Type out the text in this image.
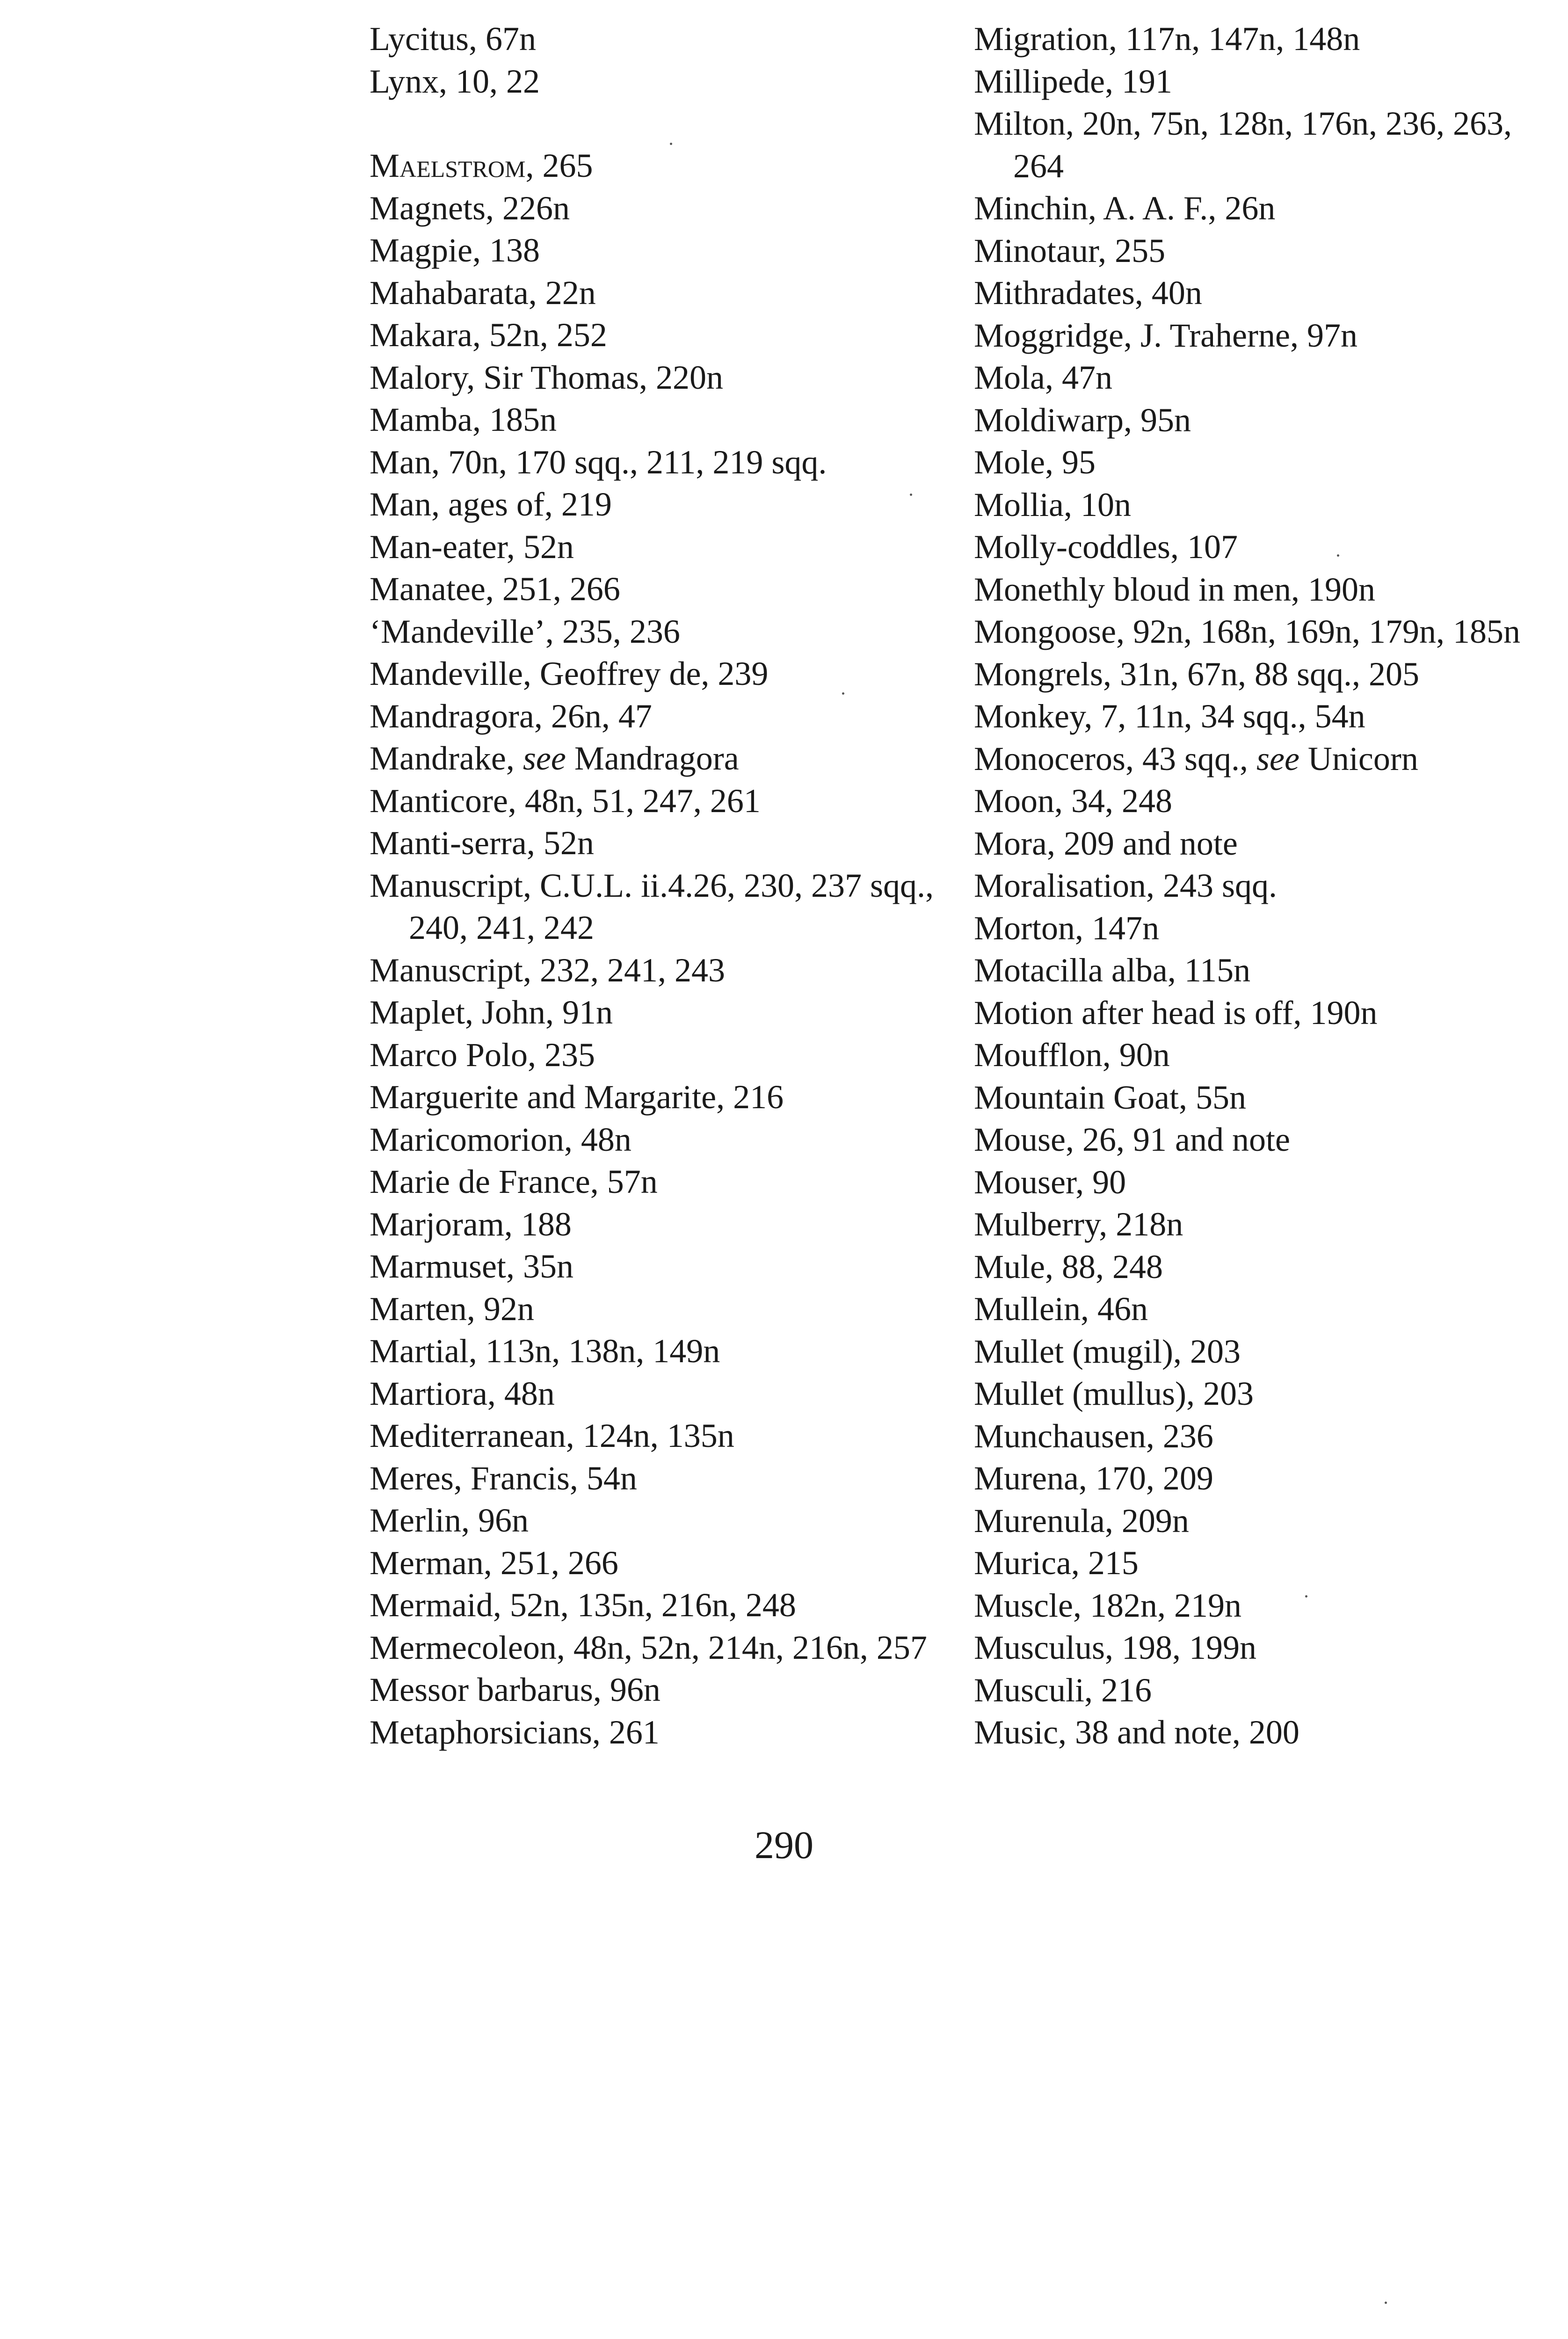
Lycitus, 67n
Lynx, 10, 22
Maelstrom, 265
Magnets, 226n
Magpie, 138
Mahabarata, 22n
Makara, 52n, 252
Malory, Sir Thomas, 220n
Mamba, 185n
Man, 70n, 170 sqq., 211, 219 sqq.
Man, ages of, 219
Man-eater, 52n
Manatee, 251, 266
‘Mandeville’, 235, 236
Mandeville, Geoffrey de, 239
Mandragora, 26n, 47
Mandrake, see Mandragora
Manticore, 48n, 51, 247, 261
Manti-serra, 52n
Manuscript, C.U.L. ii.4.26, 230, 237 sqq., 240, 241, 242
Manuscript, 232, 241, 243
Maplet, John, 91n
Marco Polo, 235
Marguerite and Margarite, 216
Maricomorion, 48n
Marie de France, 57n
Marjoram, 188
Marmuset, 35n
Marten, 92n
Martial, 113n, 138n, 149n
Martiora, 48n
Mediterranean, 124n, 135n
Meres, Francis, 54n
Merlin, 96n
Merman, 251, 266
Mermaid, 52n, 135n, 216n, 248
Mermecoleon, 48n, 52n, 214n, 216n, 257
Messor barbarus, 96n
Metaphorsicians, 261
Migration, 117n, 147n, 148n
Millipede, 191
Milton, 20n, 75n, 128n, 176n, 236, 263, 264
Minchin, A. A. F., 26n
Minotaur, 255
Mithradates, 40n
Moggridge, J. Traherne, 97n
Mola, 47n
Moldiwarp, 95n
Mole, 95
Mollia, 10n
Molly-coddles, 107
Monethly bloud in men, 190n
Mongoose, 92n, 168n, 169n, 179n, 185n
Mongrels, 31n, 67n, 88 sqq., 205
Monkey, 7, 11n, 34 sqq., 54n
Monoceros, 43 sqq., see Unicorn
Moon, 34, 248
Mora, 209 and note
Moralisation, 243 sqq.
Morton, 147n
Motacilla alba, 115n
Motion after head is off, 190n
Moufflon, 90n
Mountain Goat, 55n
Mouse, 26, 91 and note
Mouser, 90
Mulberry, 218n
Mule, 88, 248
Mullein, 46n
Mullet (mugil), 203
Mullet (mullus), 203
Munchausen, 236
Murena, 170, 209
Murenula, 209n
Murica, 215
Muscle, 182n, 219n
Musculus, 198, 199n
Musculi, 216
Music, 38 and note, 200
290
